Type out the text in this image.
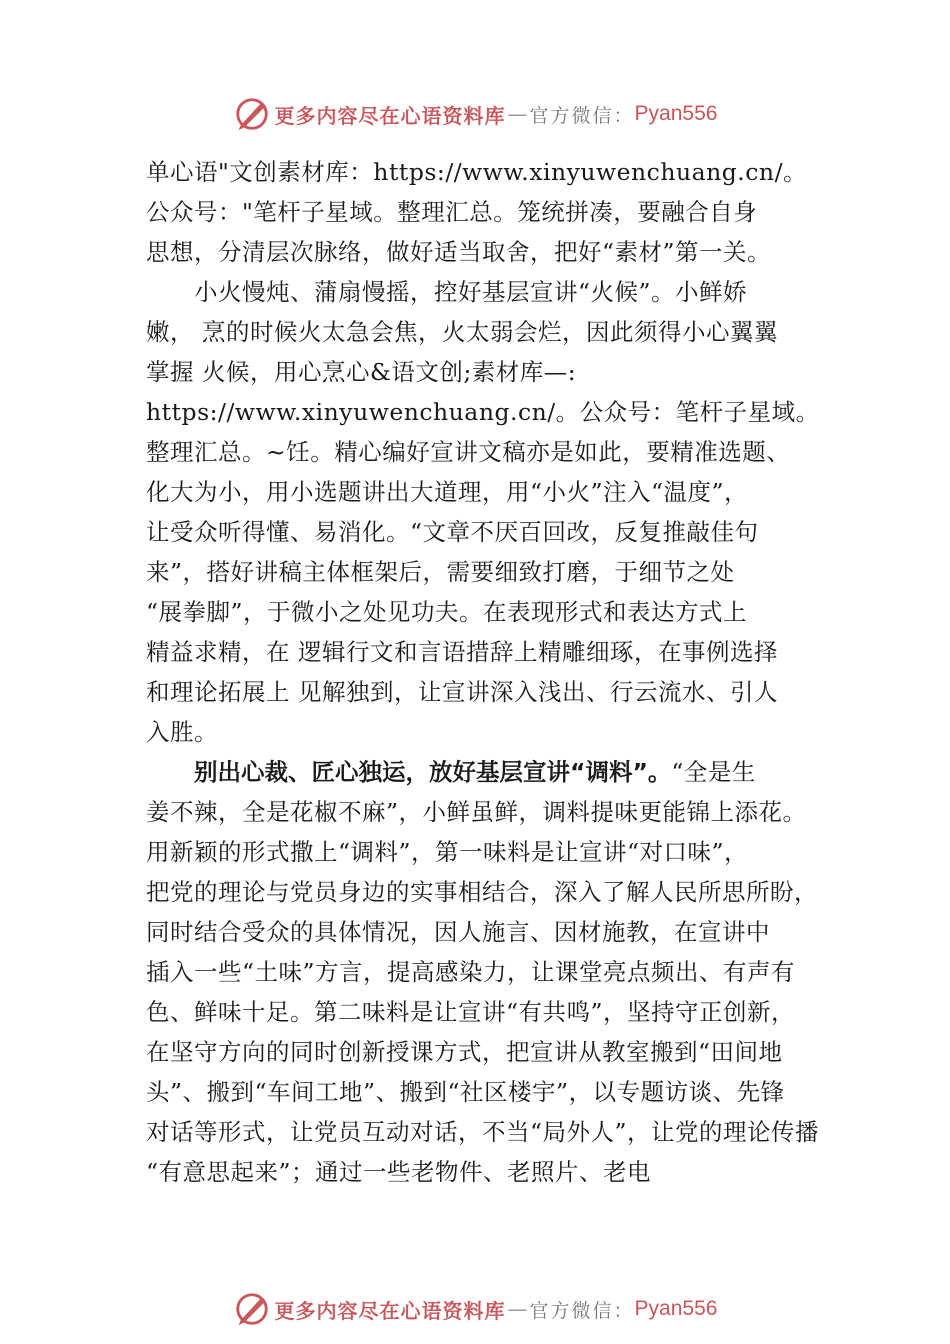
更多内容尽在心语资料库 — 官方微信： Pyan556
单心语"文创素材库：https://www.xinyuwenchuang.cn/。
公众号："笔杆子星域。整理汇总。笼统拼凑，要融合自身
思想，分清层次脉络，做好适当取舍，把好“素材”第一关。
小火慢炖、蒲扇慢摇，控好基层宣讲“火候”。小鲜娇
嫩， 烹的时候火太急会焦，火太弱会烂，因此须得小心翼翼
掌握 火候，用心烹心&语文创;素材库—:
https://www.xinyuwenchuang.cn/。公众号：笔杆子星域。
整理汇总。~饪。精心编好宣讲文稿亦是如此，要精准选题、
化大为小，用小选题讲出大道理，用“小火”注入“温度”，
让受众听得懂、易消化。“文章不厌百回改，反复推敲佳句
来”，搭好讲稿主体框架后，需要细致打磨，于细节之处
“展拳脚”，于微小之处见功夫。在表现形式和表达方式上
精益求精，在 逻辑行文和言语措辞上精雕细琢，在事例选择
和理论拓展上 见解独到，让宣讲深入浅出、行云流水、引人
入胜。
别出心裁、匠心独运，放好基层宣讲“调料”。“全是生
姜不辣，全是花椒不麻”，小鲜虽鲜，调料提味更能锦上添花。
用新颖的形式撒上“调料”，第一味料是让宣讲“对口味”，
把党的理论与党员身边的实事相结合，深入了解人民所思所盼，
同时结合受众的具体情况，因人施言、因材施教，在宣讲中
插入一些“土味”方言，提高感染力，让课堂亮点频出、有声有
色、鲜味十足。第二味料是让宣讲“有共鸣”，坚持守正创新，
在坚守方向的同时创新授课方式，把宣讲从教室搬到“田间地
头”、搬到“车间工地”、搬到“社区楼宇”，以专题访谈、先锋
对话等形式，让党员互动对话，不当“局外人”，让党的理论传播
“有意思起来”；通过一些老物件、老照片、老电
更多内容尽在心语资料库 — 官方微信： Pyan556
